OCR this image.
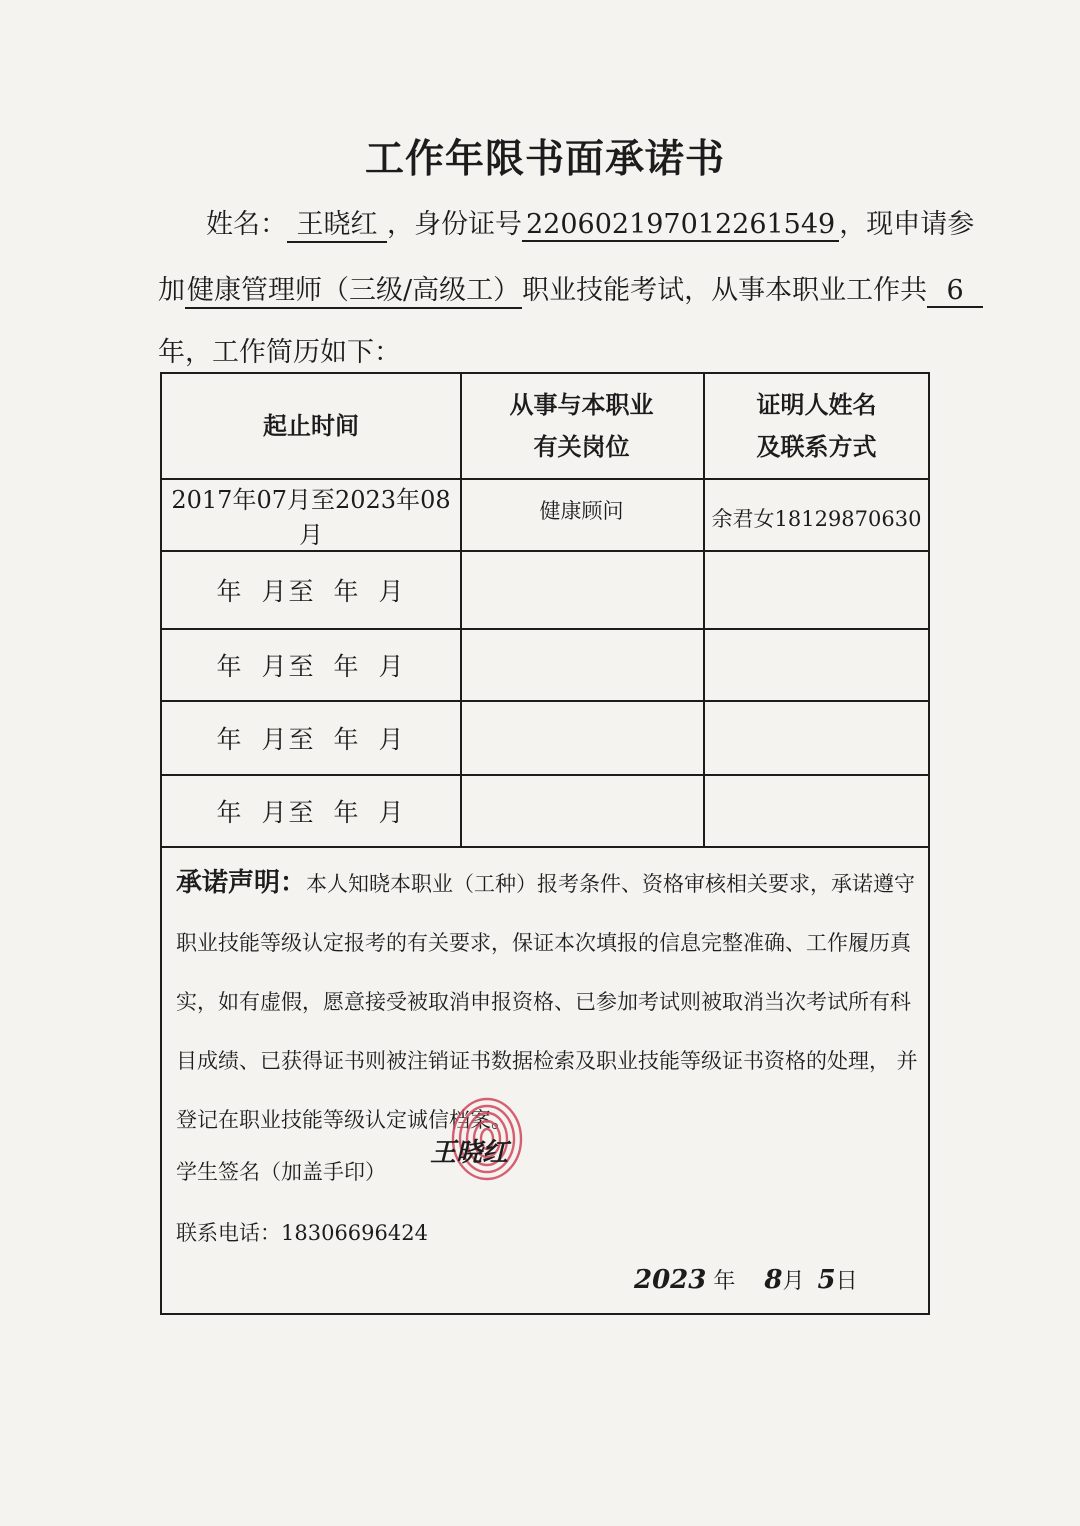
工作年限书面承诺书
姓名： 王晓红 ，身份证号 220602197012261549 ，现申请参
加健康管理师（三级/高级工）职业技能考试，从事本职业工作共 6
年，工作简历如下：
起止时间
从事与本职业
有关岗位
证明人姓名
及联系方式
2017年07月至2023年08月
健康顾问	余君女18129870630
年 月至 年 月
年 月至 年 月
年 月至 年 月
年 月至 年 月
承诺声明：本人知晓本职业（工种）报考条件、资格审核相关要求，承诺遵守职业技能等级认定报考的有关要求，保证本次填报的信息完整准确、工作履历真实，如有虚假，愿意接受被取消申报资格、已参加考试则被取消当次考试所有科目成绩、已获得证书则被注销证书数据检索及职业技能等级证书资格的处理， 并登记在职业技能等级认定诚信档案。
学生签名（加盖手印）
王晓红
联系电话：18306696424
2023 年 8月 5日
